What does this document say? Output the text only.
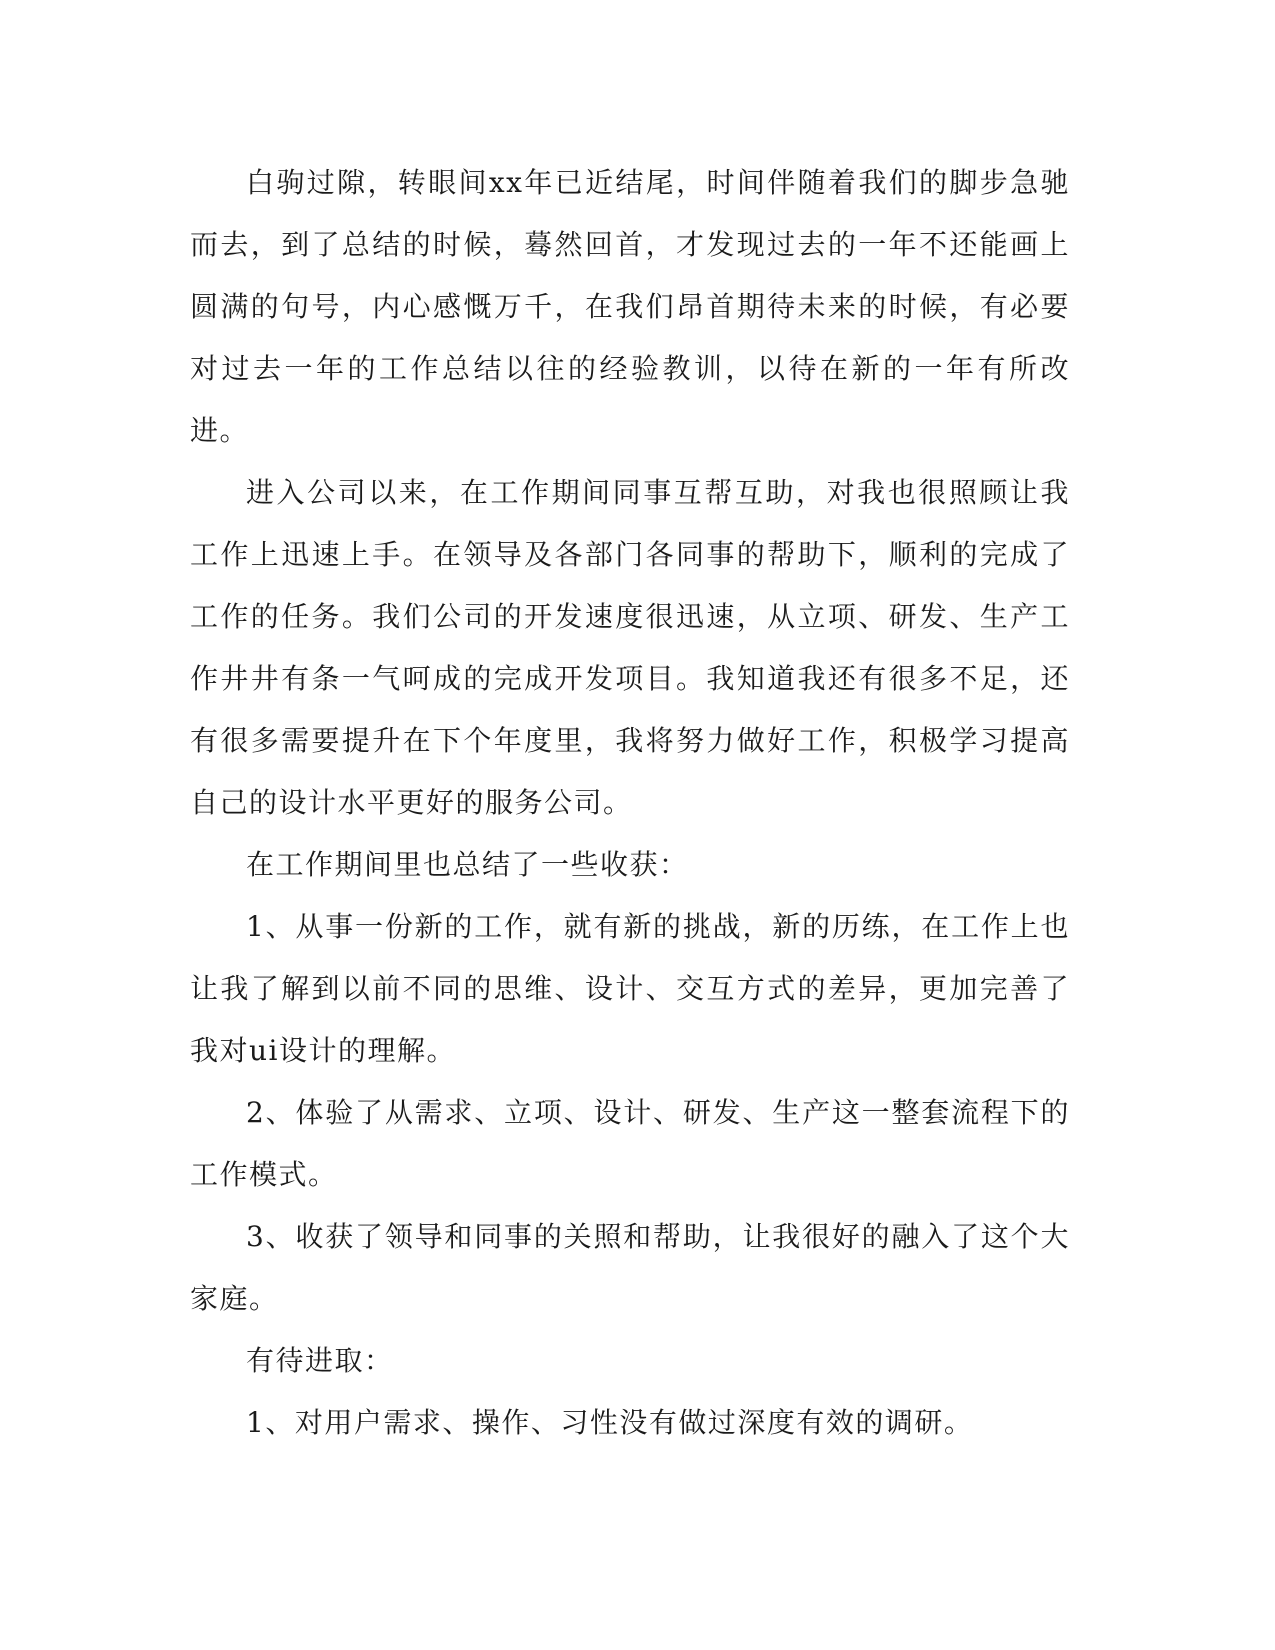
白驹过隙，转眼间xx年已近结尾，时间伴随着我们的脚步急驰而去，到了总结的时候，蓦然回首，才发现过去的一年不还能画上圆满的句号，内心感慨万千，在我们昂首期待未来的时候，有必要对过去一年的工作总结以往的经验教训，以待在新的一年有所改进。

进入公司以来，在工作期间同事互帮互助，对我也很照顾让我工作上迅速上手。在领导及各部门各同事的帮助下，顺利的完成了工作的任务。我们公司的开发速度很迅速，从立项、研发、生产工作井井有条一气呵成的完成开发项目。我知道我还有很多不足，还有很多需要提升在下个年度里，我将努力做好工作，积极学习提高自己的设计水平更好的服务公司。

在工作期间里也总结了一些收获：

1、从事一份新的工作，就有新的挑战，新的历练，在工作上也让我了解到以前不同的思维、设计、交互方式的差异，更加完善了我对ui设计的理解。

2、体验了从需求、立项、设计、研发、生产这一整套流程下的工作模式。

3、收获了领导和同事的关照和帮助，让我很好的融入了这个大家庭。

有待进取：

1、对用户需求、操作、习性没有做过深度有效的调研。
